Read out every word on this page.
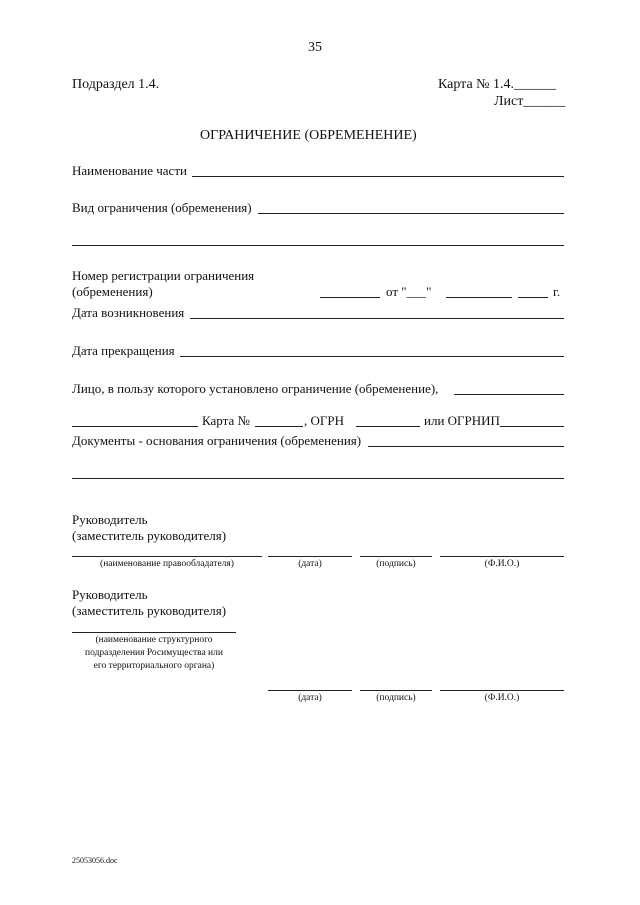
35
Подраздел 1.4.	Карта № 1.4.______
Лист______
ОГРАНИЧЕНИЕ (ОБРЕМЕНЕНИЕ)
Наименование части
Вид ограничения (обременения)
Номер регистрации ограничения
(обременения)	от "___"	г.
Дата возникновения
Дата прекращения
Лицо, в пользу которого установлено ограничение (обременение),
Карта №	, ОГРН	или ОГРНИП
Документы - основания ограничения (обременения)
Руководитель
(заместитель руководителя)
(наименование правообладателя)	(дата)	(подпись)	(Ф.И.О.)
Руководитель
(заместитель руководителя)
(наименование структурного
подразделения Росимущества или
его территориального органа)
(дата)	(подпись)	(Ф.И.О.)
25053056.doc
